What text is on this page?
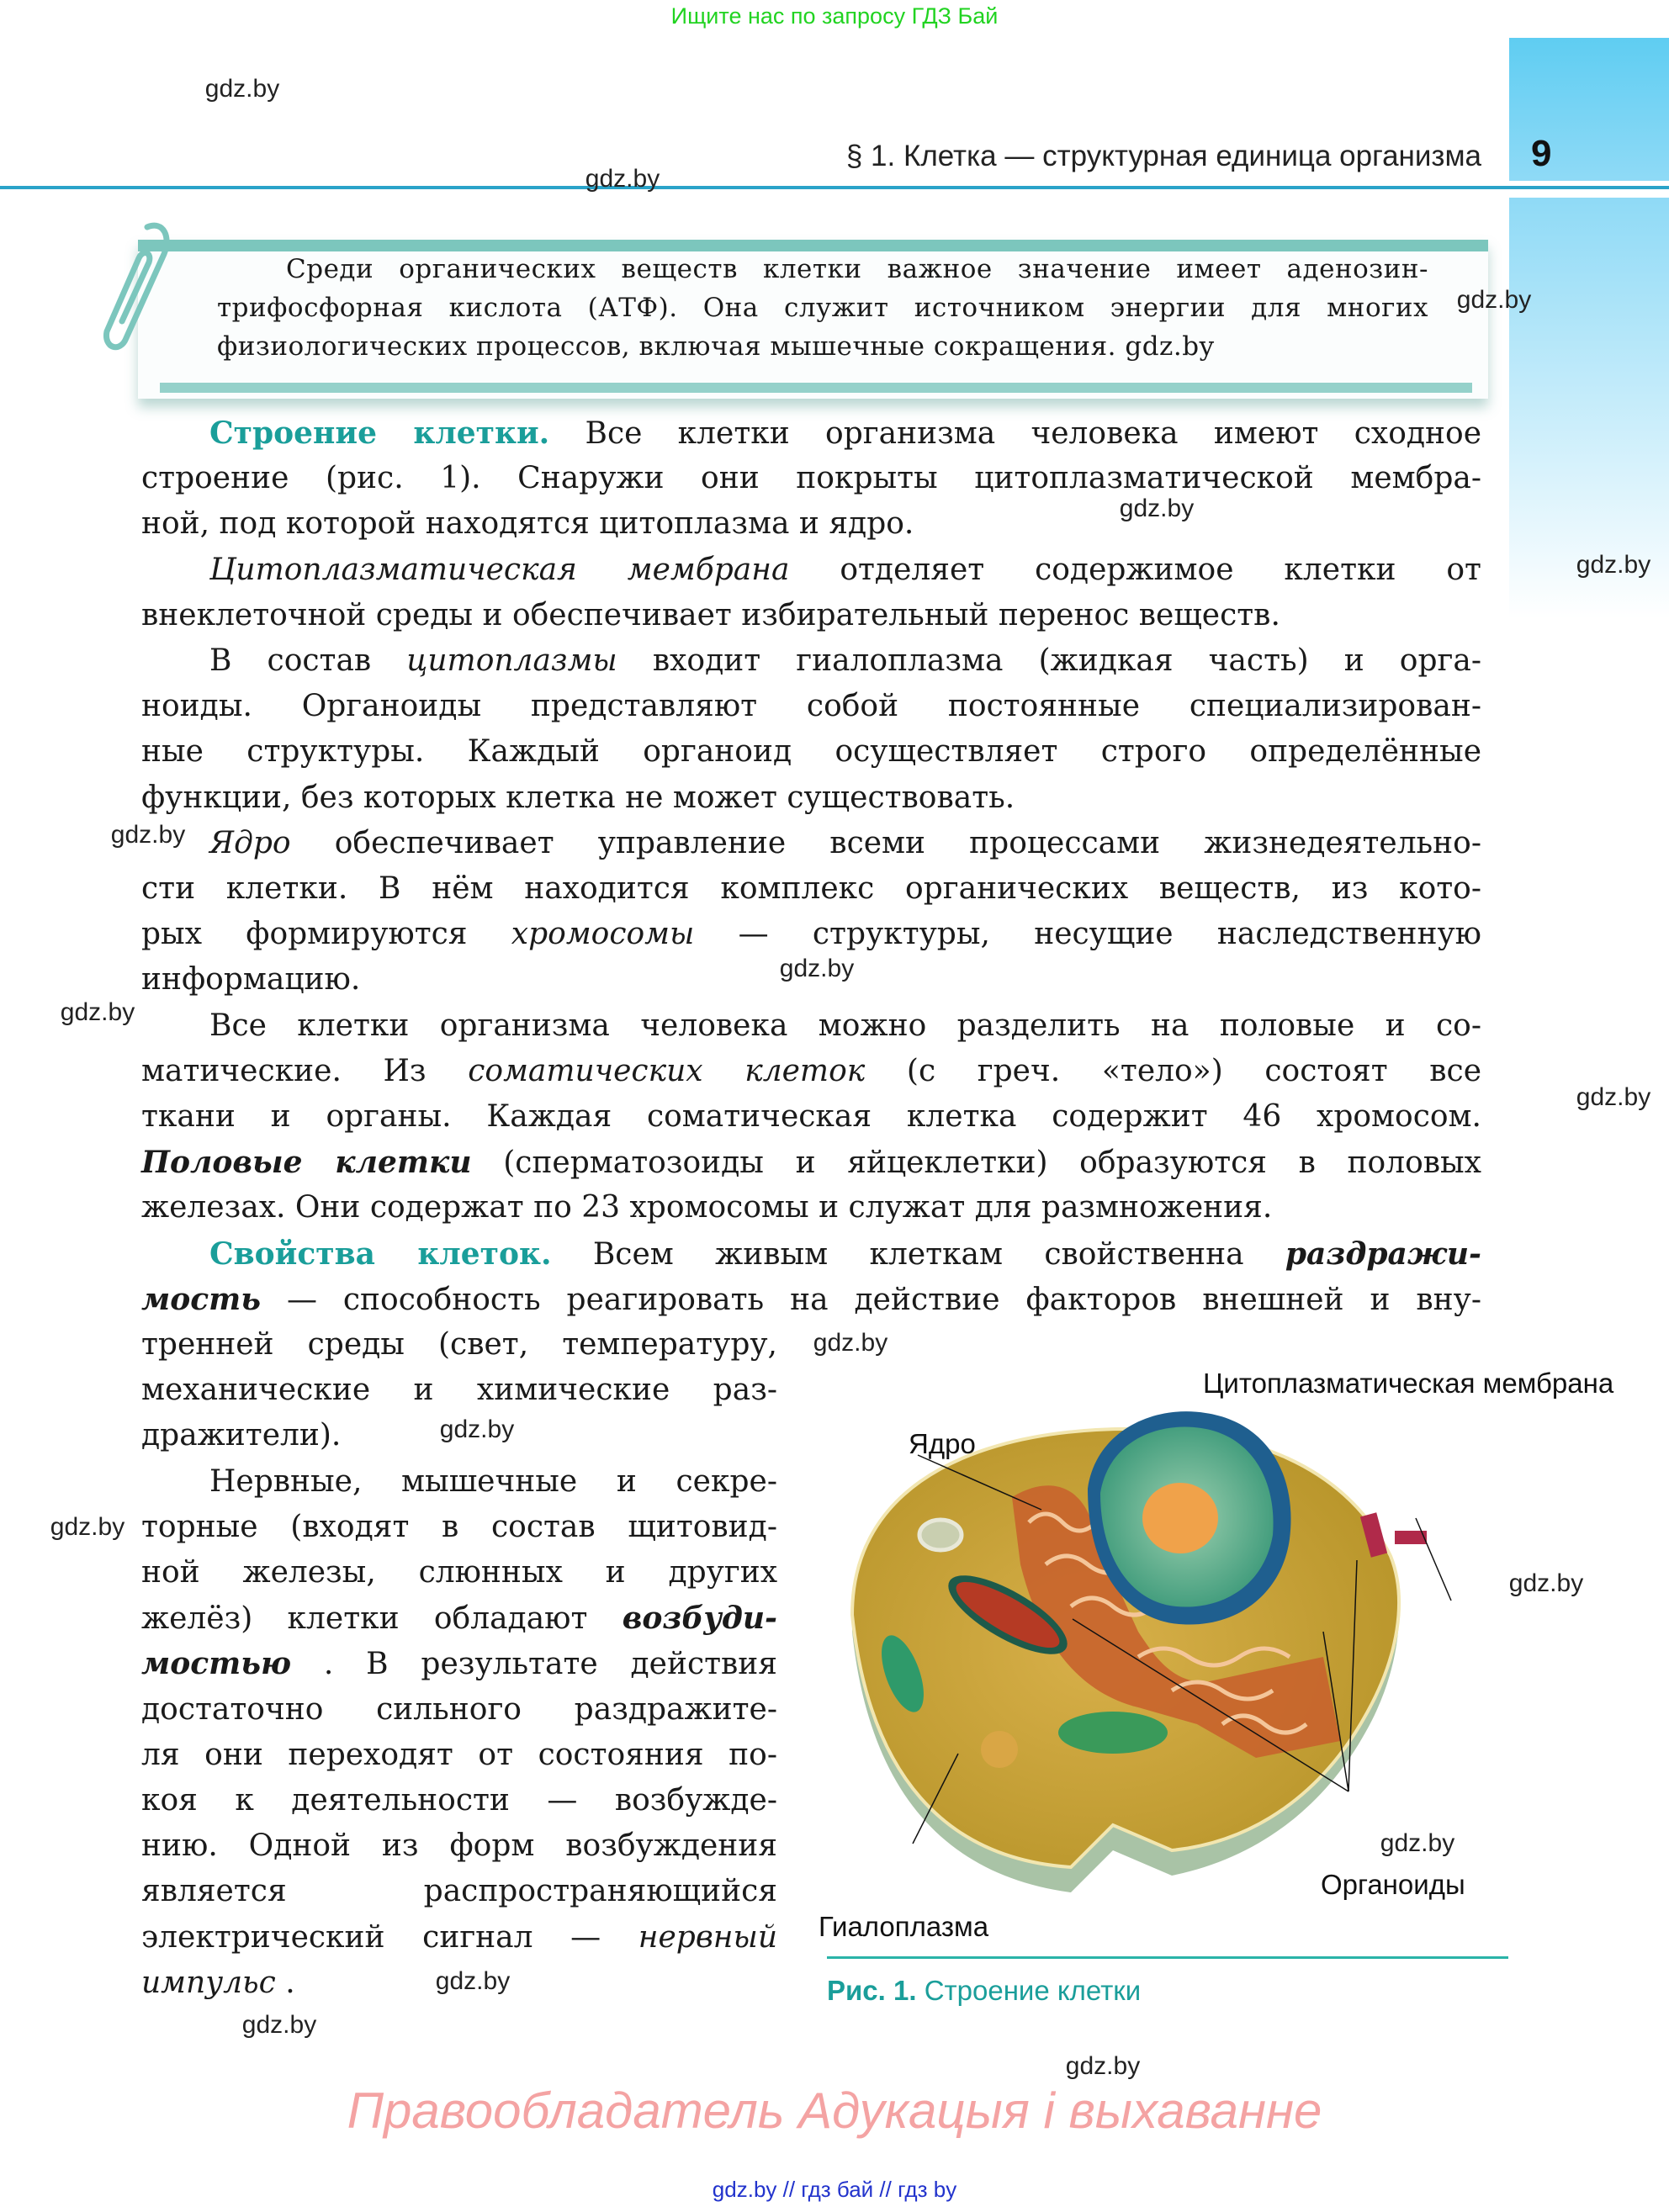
Ищите нас по запросу ГДЗ Бай
§ 1. Клетка — структурная единица организма 9
Среди органических веществ клетки важное значение имеет аденозин-
трифосфорная кислота (АТФ). Она служит источником энергии для многих
физиологических процессов, включая мышечные сокращения. gdz.by
Строение клетки. Все клетки организма человека имеют сходное
строение (рис. 1). Снаружи они покрыты цитоплазматической мембра-
ной, под которой находятся цитоплазма и ядро.
Цитоплазматическая мембрана отделяет содержимое клетки от
внеклеточной среды и обеспечивает избирательный перенос веществ.
В состав цитоплазмы входит гиалоплазма (жидкая часть) и орга-
ноиды. Органоиды представляют собой постоянные специализирован-
ные структуры. Каждый органоид осуществляет строго определённые
функции, без которых клетка не может существовать.
Ядро обеспечивает управление всеми процессами жизнедеятельно-
сти клетки. В нём находится комплекс органических веществ, из кото-
рых формируются хромосомы — структуры, несущие наследственную
информацию.
Все клетки организма человека можно разделить на половые и со-
матические. Из соматических клеток (с греч. «тело») состоят все
ткани и органы. Каждая соматическая клетка содержит 46 хромосом.
Половые клетки (сперматозоиды и яйцеклетки) образуются в половых
железах. Они содержат по 23 хромосомы и служат для размножения.
Свойства клеток. Всем живым клеткам свойственна раздражи-
мость — способность реагировать на действие факторов внешней и вну-
тренней среды (свет, температуру,
механические и химические раз-
дражители).
Нервные, мышечные и секре-
торные (входят в состав щитовид-
ной железы, слюнных и других
желёз) клетки обладают возбуди-
мостью . В результате действия
достаточно сильного раздражите-
ля они переходят от состояния по-
коя к деятельности — возбужде-
нию. Одной из форм возбуждения
является распространяющийся
электрический сигнал — нервный
импульс .
Цитоплазматическая мембрана
Ядро
Органоиды
Гиалоплазма
Рис. 1. Строение клетки
gdz.by
gdz.by
gdz.by
gdz.by
gdz.by
gdz.by
gdz.by
gdz.by
gdz.by
gdz.by
gdz.by
gdz.by
gdz.by
gdz.by
gdz.by
gdz.by
gdz.by
Правообладатель Адукацыя і выхаванне
gdz.by // гдз бай // гдз by
